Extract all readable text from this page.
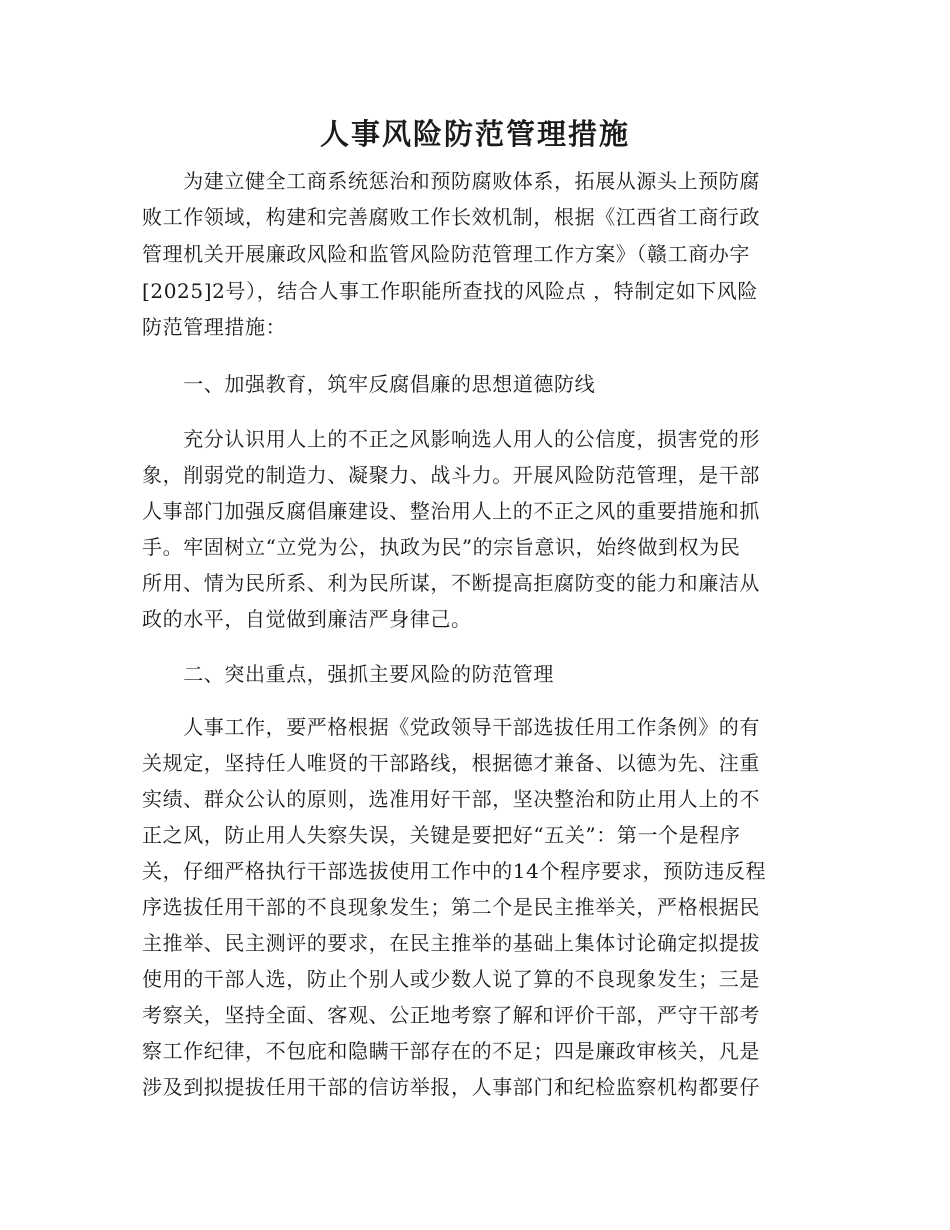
人事风险防范管理措施
　　为建立健全工商系统惩治和预防腐败体系，拓展从源头上预防腐
败工作领域，构建和完善腐败工作长效机制，根据《江西省工商行政
管理机关开展廉政风险和监管风险防范管理工作方案》（赣工商办字
[2025]2号），结合人事工作职能所查找的风险点 ，特制定如下风险
防范管理措施：
　　一、加强教育，筑牢反腐倡廉的思想道德防线
　　充分认识用人上的不正之风影响选人用人的公信度，损害党的形
象，削弱党的制造力、凝聚力、战斗力。开展风险防范管理，是干部
人事部门加强反腐倡廉建设、整治用人上的不正之风的重要措施和抓
手。牢固树立“立党为公，执政为民”的宗旨意识，始终做到权为民
所用、情为民所系、利为民所谋，不断提高拒腐防变的能力和廉洁从
政的水平，自觉做到廉洁严身律己。
　　二、突出重点，强抓主要风险的防范管理
　　人事工作，要严格根据《党政领导干部选拔任用工作条例》的有
关规定，坚持任人唯贤的干部路线，根据德才兼备、以德为先、注重
实绩、群众公认的原则，选准用好干部，坚决整治和防止用人上的不
正之风，防止用人失察失误，关键是要把好“五关”：第一个是程序
关，仔细严格执行干部选拔使用工作中的14个程序要求，预防违反程
序选拔任用干部的不良现象发生；第二个是民主推举关，严格根据民
主推举、民主测评的要求，在民主推举的基础上集体讨论确定拟提拔
使用的干部人选，防止个别人或少数人说了算的不良现象发生；三是
考察关，坚持全面、客观、公正地考察了解和评价干部，严守干部考
察工作纪律，不包庇和隐瞒干部存在的不足；四是廉政审核关，凡是
涉及到拟提拔任用干部的信访举报，人事部门和纪检监察机构都要仔
